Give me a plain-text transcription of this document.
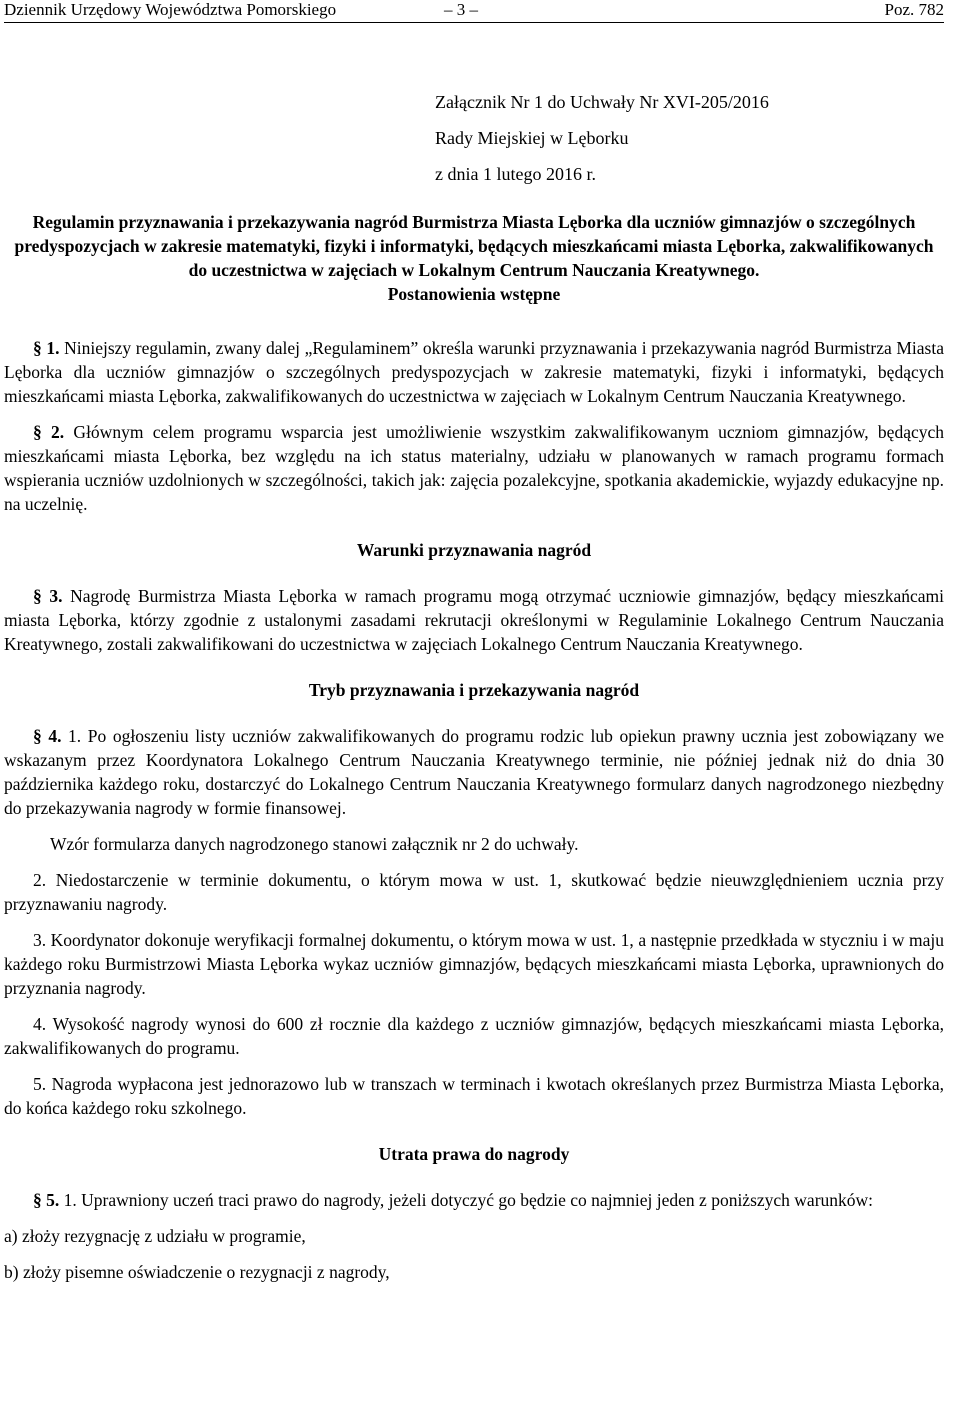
Dziennik Urzędowy Województwa Pomorskiego	– 3 –	Poz. 782
Załącznik Nr 1 do Uchwały Nr XVI-205/2016
Rady Miejskiej w Lęborku
z dnia 1 lutego 2016 r.
Regulamin przyznawania i przekazywania nagród Burmistrza Miasta Lęborka dla uczniów gimnazjów o szczególnych predyspozycjach w zakresie matematyki, fizyki i informatyki, będących mieszkańcami miasta Lęborka, zakwalifikowanych do uczestnictwa w zajęciach w Lokalnym Centrum Nauczania Kreatywnego.
Postanowienia wstępne

§ 1. Niniejszy regulamin, zwany dalej „Regulaminem” określa warunki przyznawania i przekazywania nagród Burmistrza Miasta Lęborka dla uczniów gimnazjów o szczególnych predyspozycjach w zakresie matematyki, fizyki i informatyki, będących mieszkańcami miasta Lęborka, zakwalifikowanych do uczestnictwa w zajęciach w Lokalnym Centrum Nauczania Kreatywnego.

§ 2. Głównym celem programu wsparcia jest umożliwienie wszystkim zakwalifikowanym uczniom gimnazjów, będących mieszkańcami miasta Lęborka, bez względu na ich status materialny, udziału w planowanych w ramach programu formach wspierania uczniów uzdolnionych w szczególności, takich jak: zajęcia pozalekcyjne, spotkania akademickie, wyjazdy edukacyjne np. na uczelnię.

Warunki przyznawania nagród

§ 3. Nagrodę Burmistrza Miasta Lęborka w ramach programu mogą otrzymać uczniowie gimnazjów, będący mieszkańcami miasta Lęborka, którzy zgodnie z ustalonymi zasadami rekrutacji określonymi w Regulaminie Lokalnego Centrum Nauczania Kreatywnego, zostali zakwalifikowani do uczestnictwa w zajęciach Lokalnego Centrum Nauczania Kreatywnego.

Tryb przyznawania i przekazywania nagród

§ 4. 1. Po ogłoszeniu listy uczniów zakwalifikowanych do programu rodzic lub opiekun prawny ucznia jest zobowiązany we wskazanym przez Koordynatora Lokalnego Centrum Nauczania Kreatywnego terminie, nie później jednak niż do dnia 30 października każdego roku, dostarczyć do Lokalnego Centrum Nauczania Kreatywnego formularz danych nagrodzonego niezbędny do przekazywania nagrody w formie finansowej.

Wzór formularza danych nagrodzonego stanowi załącznik nr 2 do uchwały.

2. Niedostarczenie w terminie dokumentu, o którym mowa w ust. 1, skutkować będzie nieuwzględnieniem ucznia przy przyznawaniu nagrody.

3. Koordynator dokonuje weryfikacji formalnej dokumentu, o którym mowa w ust. 1, a następnie przedkłada w styczniu i w maju każdego roku Burmistrzowi Miasta Lęborka wykaz uczniów gimnazjów, będących mieszkańcami miasta Lęborka, uprawnionych do przyznania nagrody.

4. Wysokość nagrody wynosi do 600 zł rocznie dla każdego z uczniów gimnazjów, będących mieszkańcami miasta Lęborka, zakwalifikowanych do programu.

5. Nagroda wypłacona jest jednorazowo lub w transzach w terminach i kwotach określanych przez Burmistrza Miasta Lęborka, do końca każdego roku szkolnego.

Utrata prawa do nagrody

§ 5. 1. Uprawniony uczeń traci prawo do nagrody, jeżeli dotyczyć go będzie co najmniej jeden z poniższych warunków:

a) złoży rezygnację z udziału w programie,

b) złoży pisemne oświadczenie o rezygnacji z nagrody,
